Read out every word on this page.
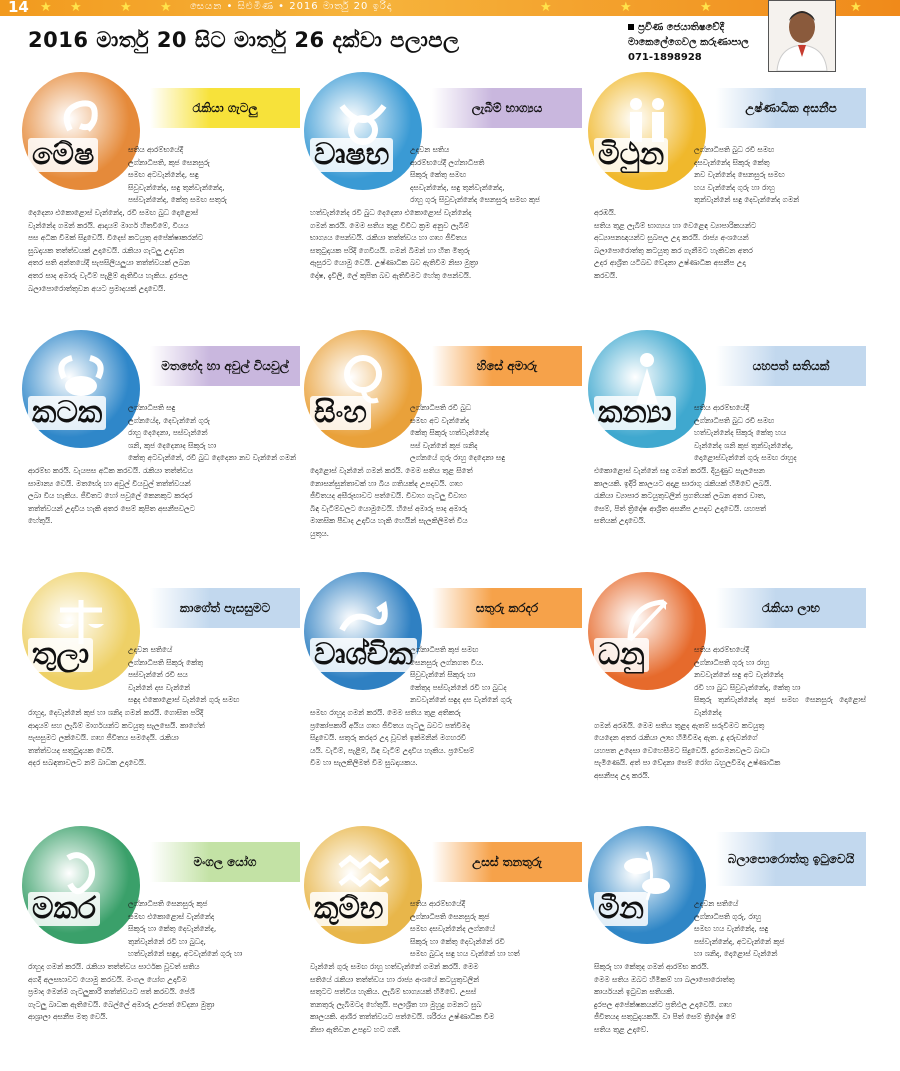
14	සෙයන • සිළුමිණ • 2016 මාර්තු 20 ඉරිදා
★ ★	★ ★	★	★	★	★
2016 මාර්තු 20 සිට මාර්තු 26 දක්වා පලාපල
ප්‍රවීණ ජෙ‍යාතිෂවේදී
මාකෙලේගෙවල කරුණාපාල
071-1898928
මේෂ
රැකියා ගැටලු
සතිය ආරම්භයේදී
ලග්නාධිපති, කුජ සෙනසුරු
සමඟ අටවැන්නේද, සඳු
සිවුවැන්නේද, සඳු තුන්වැන්නේද,
පස්වැන්නේද, කේතු සමඟ සතුරු
දෙදෙනා එකොළොස් වැන්නේද, රවි සමඟ බුධ දොළොස්
වැන්නේද ගමන් කරයි. ආදායම් මාර්ග හිතවීමේ, වියය
පස අධික වීමක් සිදුවෙයි. විදෙස් කටයුතු අපේක්ෂාකරන්ට
සුබදායක තත්ත්වයක් උදාවෙයි. රැකියා ගැටලු උදාවන
අතර සති අන්තයේදී සැපසිලියලුයා තත්ත්වයක් ලබන
අතර සාද අමාරු වැටීම් පැළීම් ඇතිවිය හැකිය. දුරපල
බලාපොරොත්තුවන අයට ප්‍රමාදයක් උදාවෙයි.
වෘෂභ
ලැබීම් භාග්‍යය
උදාවන සතිය
ආරම්භයේදී ලග්නාධිපති
සිකුරු කේතු සමඟ
දසවැන්නේද, සඳු තුන්වැන්නේද,
රාහු ගුරු සිවුවැන්නේද සෙනසුරු සමඟ කුජ
හත්වැන්නේද රවි බුධ දෙදෙනා එකොළොස් වැන්නේද
ගමන් කරයි. මෙම සතිය තුළ විවිධ ක්‍රම අනුව ලැබීම්
භාග්‍යය පෙන්වයි. රැකියා තත්ත්වය හා ගෘහ ජීවිතය
සතුටුදායක පරිදි ගෙවියයි. ගමන් බිමන් හා හිත මිතුරු
ඇසුරට යොමු වෙයි. උෂ්ණාධික බව ඇතිවීම නිසා මුත්‍රා
දෝෂ, දැවිලි, ලේ කුපිත බව ඇතිවීමට හේතු පෙන්වයි.
මිථුන
උෂ්ණාධික අසනීප
ලග්නාධිපති බුධ රවි සමඟ
දසවැන්නේද සිකුරු කේතු
නව වැන්නේද සෙනසුරු සමඟ
හය වැන්නේද ගුරු හා රාහු
තුන්වැන්නේ සඳු දෙවැන්නේද ගමන්
අරඹයි.
සතිය තුළ ලැබීම් භාග්‍යය හා වෙළෙඳ ව්‍යාපාරිකයන්ට
අධ්‍යාපනඥයන්ට සුබපල උදා කරයි. රාජ්‍ය අංශයෙන්
බලාපොරොත්තු කටයුතු කර ගැනීමට හැකිවන අතර
උදර ආශ්‍රිත යටිබඩ වේදනා උෂ්ණාධික අසනීප උදා
කරවයි.
කටක
මතභේද හා අවුල් වියවුල්
ලග්නාධිපති සඳු
ලග්නයේද, දෙවැන්නේ ගුරු
රාහු දෙදෙනා, පස්වැන්නේ
ශනි, කුජ දෙදෙනාද සිකුරු හා
කේතු අටවැන්නේ, රවි බුධ දෙදෙනා නව වැන්නේ ගමන්
ආරම්භ කරයි. වැයපස අධික කරවයි. රැකියා තත්ත්වය
සාමාන්‍ය වෙයි. මතභේද හා අවුල් වියවුල් තත්ත්වයන්
ලබා විය හැකිය. ජීවිතට හෝ පවුලේ කෙනකුට කරදර
තත්ත්වයන් උදාවිය හැකි අතර සෙම් කුපිත අසනීපවලට
හේතුයි.
සිංහ
හිසේ අමාරු
ලග්නාධිපති රවි බුධ
සමඟ අට වැන්නේද
කේතු සිකුරු හත්වැන්නේද
පස් වැන්නේ කුජ ශනිද
ලග්නයේ ගුරු රාහු දෙදෙනා සඳු
දොළොස් වැන්නේ ගමන් කරයි. මෙම සතිය තුළ සිතේ
නොසන්සුන්තාවක් හා බිය ගතියක්ද උපදවයි. ගෘහ
ජීවිතයද අසීරුභාවට පත්වෙයි. විවාහ ගැටලු විවාහ
බිඳ වැටීම්වලට යොමුවෙයි. හිසේ අමාරු පාද අමාරු
මානසික පීඩාද උදාවිය හැකි හෙයින් සැලකිලිමත් විය
යුතුය.
කන්‍යා
යහපත් සතියක්
සතිය ආරම්භයේදී
ලග්නාධිපති බුධ රවි සමඟ
හත්වැන්නේද සිකුරු කේතු හය
වැන්නේද ශනි කුජ තුන්වැන්නේද,
දොළොස්වැන්නේ ගුරු සමඟ රාහුද
එකොළොස් වැන්නේ සඳු ගමන් කරයි. දියුණුව සැලසෙන
කාලයකි. ඉදිරි කාලයට අදාළ සාරාගු රැකියක් හිමිවේ ලබයි.
රැකියා ව්‍යාපාර කටයුතුවලින් ප්‍රගතියක් ලබන අතර වාත,
සෙම්, පිත් ත්‍රිදෝෂ ආශ්‍රිත අසනීප උපදව උදාවෙයි. යහපත්
සතියක් උදාවෙයි.
තුලා
කාගේත් පැසසුමට
උදාවන සතියේ
ලග්නාධිපති සිකුරු කේතු
පස්වැන්නේ රවි සය
වැන්නේ දස වැන්නේ
සඳුද එකොළොස් වැන්නේ ගුරු සමඟ
රාහුද, දෙවැන්නේ කුජ හා ශනිද ගමන් කරයි. ගොසිත පරිදි
ආදායම් සහ ලැබීම් මාර්ගයන්ට කටයුතු සැලසෙයි. කාගේත්
පැසසුමට ලක්වෙයි. ගෘහ ජීවිතය සමදෙයි. රැකියා
තත්ත්වයද සතුටුදායක වෙයි.
අදර සබඳතාවලට නම් බාධක උදාවෙයි.
වෘශ්චික
සතුරු කරදර
ලග්නාධිපති කුජ සමඟ
සෙනසුරු ලග්නගත වීය.
සිවුවැන්නේ සිකුරු හා
කේතුද පස්වැන්නේ රවි හා බුධද
නවවැන්නේ සඳුද දස වැන්නේ ගුරු
සමඟ රාහුද ගමන් කරයි. මෙම සතිය තුළ අතිකරු
ප්‍රකෝපකාරී අයිය ගෘහ ජීවිතය ගැටලු බවට පත්වීමද
සිදුවෙයි. සතුරු කරදර උදා වූවත් ඉක්මනින් මගහරවී
යයි. වැටීම්, පැළීම්, බිඳ වැටීම් උදාවිය හැකිය. ප්‍රවේසම්
වීම හා සැලකිලිමත් වීම සුබදායකය.
ධනු
රැකියා ලාභ
සතිය ආරම්භයේදී
ලග්නාධිපති ගුරු හා රාහු
නවවැන්නේ සඳු අට වැන්නේද
රවි හා බුධ සිවුවැන්නේද, කේතු හා
සිකුරු තුන්වැන්නේද කුජ සමඟ සෙනසුරු දොළොස් වැන්නේද
ගමන් අරඹයි. මෙම සතිය තුළද ඇතම් සරුවීමට කටයුතු
යෙදෙන අතර රැකියා ලාභ හිමිවීමද ඇත. දූ දරුවන්ගේ
යහපත උදෙසා වෙහෙසීමට සිදුවෙයි. දුරගමනවලට බාධා
පැමිණෙයි. අත් පා වේදනා සෙම් රෝග බහුලවීමද උෂ්ණාධික
අසනීපද උදා කරයි.
මකර
මංගල යෝග
ලග්නාධිපති සෙනසුරු කුජ
සමඟ එකොළොස් වැන්නේද
සිකුරු හා කේතු දෙවැන්නේද,
තුන්වැන්නේ රවි හා බුධද,
හත්වැන්නේ සඳුද, අටවැන්නේ ගුරු හා
රාහුද ගමන් කරයි. රැකියා තත්ත්වය සාර්ථක වූවත් සතිය
අගදී අලසභාවට යොමු කරවයි. මංගල යෝග උදාවීම
ප්‍රමාද මෙන්ම ගැටලුකාරී තත්ත්වයට පත් කරවයි. පේශි
ගැටලු බාධක ඇතිවෙයි. බෙල්ලේ අමාරු උරපත් වේදනා මුත්‍රා
ආශ්‍රාලා අසනීප මතු වෙයි.
කුම්භ
උසස් තනතුරු
සතිය ආරම්භයේදී
ලග්නාධිපති සෙනසුරු කුජ
සමඟ දසවැන්නේද ලග්නයේ
සිකුරු හා කේතු දෙවැන්නේ රවි
සමඟ බුධද සඳු හය වැන්නේ හා හත්
වැන්නේ ගුරු සමඟ රාහු හත්වැන්නේ ගමන් කරයි. මෙම
සතියේ රැකියා තත්ත්වය හා රාජ්‍ය අංශයේ කටයුතුවලින්
සතුටට පත්විය හැකිය. ලැබීම් භාග්‍යයක් හිමිවේ. උසස්
තනතුරු ලැබීමටද හේතුයි. පලාශ්‍රිත හා මුහුදු ගමනට සුබ
කාලයකි. ආශිර තත්ත්වයට පත්වෙයි. ශරීරය උෂ්ණාධික වීම
නිසා ඇතිවන උපද්‍රව හට ගනී.
මීන
බලාපොරොත්තු ඉටුවෙයි
උදාවන සතියේ
ලග්නාධිපති ගුරු, රාහු
සමඟ හය වැන්නේද, සඳු
පස්වැන්නේද, අටවැන්නේ කුජ
හා ශනිද, දොළොස් වැන්නේ
සිකුරු හා කේතුද ගමන් ආරම්භ කරයි.
මෙම සතිය ඔබට හිමිකම් හා බලාපොරොත්තු
කාර්යයන් ඉටුවන සතියකි.
දුරපල අපේක්ෂකයන්ට ප්‍රතිඵල උදාවෙයි. ගෘහ
ජීවිතයද සතුටුදායකයි. වා පිත් සෙම් ත්‍රිදෝෂ මේ
සතිය තුළ උදාවේ.
